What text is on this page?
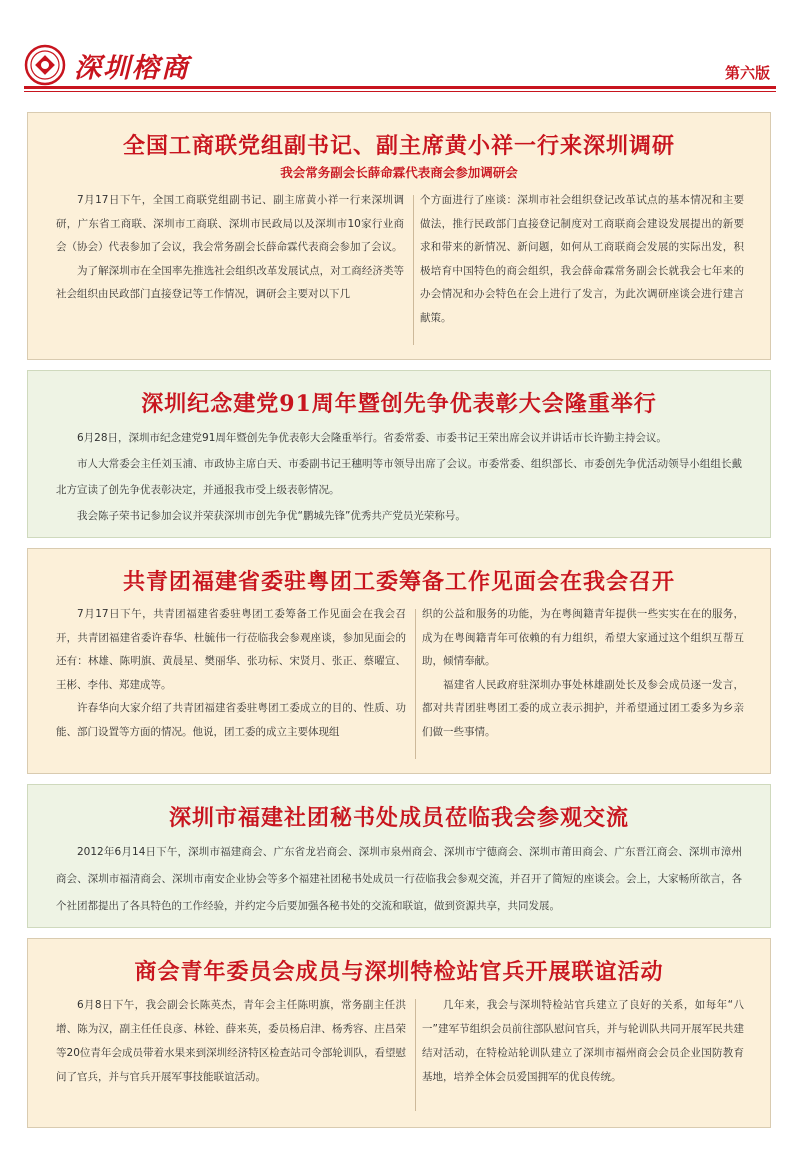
深圳榕商	第六版
全国工商联党组副书记、副主席黄小祥一行来深圳调研
我会常务副会长薛命霖代表商会参加调研会

7月17日下午，全国工商联党组副书记、副主席黄小祥一行来深圳调研，广东省工商联、深圳市工商联、深圳市民政局以及深圳市10家行业商会（协会）代表参加了会议，我会常务副会长薛命霖代表商会参加了会议。

为了解深圳市在全国率先推选社会组织改革发展试点，对工商经济类等社会组织由民政部门直接登记等工作情况，调研会主要对以下几

个方面进行了座谈：深圳市社会组织登记改革试点的基本情况和主要做法，推行民政部门直接登记制度对工商联商会建设发展提出的新要求和带来的新情况、新问题，如何从工商联商会发展的实际出发，积极培育中国特色的商会组织，我会薛命霖常务副会长就我会七年来的办会情况和办会特色在会上进行了发言，为此次调研座谈会进行建言献策。

深圳纪念建党91周年暨创先争优表彰大会隆重举行

6月28日，深圳市纪念建党91周年暨创先争优表彰大会隆重举行。省委常委、市委书记王荣出席会议并讲话市长许勤主持会议。

市人大常委会主任刘玉浦、市政协主席白天、市委副书记王穗明等市领导出席了会议。市委常委、组织部长、市委创先争优活动领导小组组长戴北方宣读了创先争优表彰决定，并通报我市受上级表彰情况。

我会陈子荣书记参加会议并荣获深圳市创先争优“鹏城先锋”优秀共产党员光荣称号。

共青团福建省委驻粤团工委筹备工作见面会在我会召开

7月17日下午，共青团福建省委驻粤团工委筹备工作见面会在我会召开，共青团福建省委许春华、杜毓伟一行莅临我会参观座谈，参加见面会的还有：林雄、陈明旗、黄晨星、樊丽华、张功标、宋贤月、张正、蔡曜宣、王彬、李伟、郑建成等。

许春华向大家介绍了共青团福建省委驻粤团工委成立的目的、性质、功能、部门设置等方面的情况。他说，团工委的成立主要体现组

织的公益和服务的功能，为在粤闽籍青年提供一些实实在在的服务，成为在粤闽籍青年可依赖的有力组织，希望大家通过这个组织互帮互助，倾情奉献。

福建省人民政府驻深圳办事处林雄副处长及参会成员逐一发言，都对共青团驻粤团工委的成立表示拥护，并希望通过团工委多为乡亲们做一些事情。

深圳市福建社团秘书处成员莅临我会参观交流

2012年6月14日下午，深圳市福建商会、广东省龙岩商会、深圳市泉州商会、深圳市宁德商会、深圳市莆田商会、广东晋江商会、深圳市漳州商会、深圳市福清商会、深圳市南安企业协会等多个福建社团秘书处成员一行莅临我会参观交流，并召开了简短的座谈会。会上，大家畅所欲言，各个社团都提出了各具特色的工作经验，并约定今后要加强各秘书处的交流和联谊，做到资源共享，共同发展。

商会青年委员会成员与深圳特检站官兵开展联谊活动

6月8日下午，我会副会长陈英杰，青年会主任陈明旗，常务副主任洪增、陈为汉，副主任任良彦、林铨、薛来英，委员杨启津、杨秀容、庄昌荣等20位青年会成员带着水果来到深圳经济特区检查站司令部轮训队，看望慰问了官兵，并与官兵开展军事技能联谊活动。

几年来，我会与深圳特检站官兵建立了良好的关系，如每年“八一”建军节组织会员前往部队慰问官兵，并与轮训队共同开展军民共建结对活动，在特检站轮训队建立了深圳市福州商会会员企业国防教育基地，培养全体会员爱国拥军的优良传统。
